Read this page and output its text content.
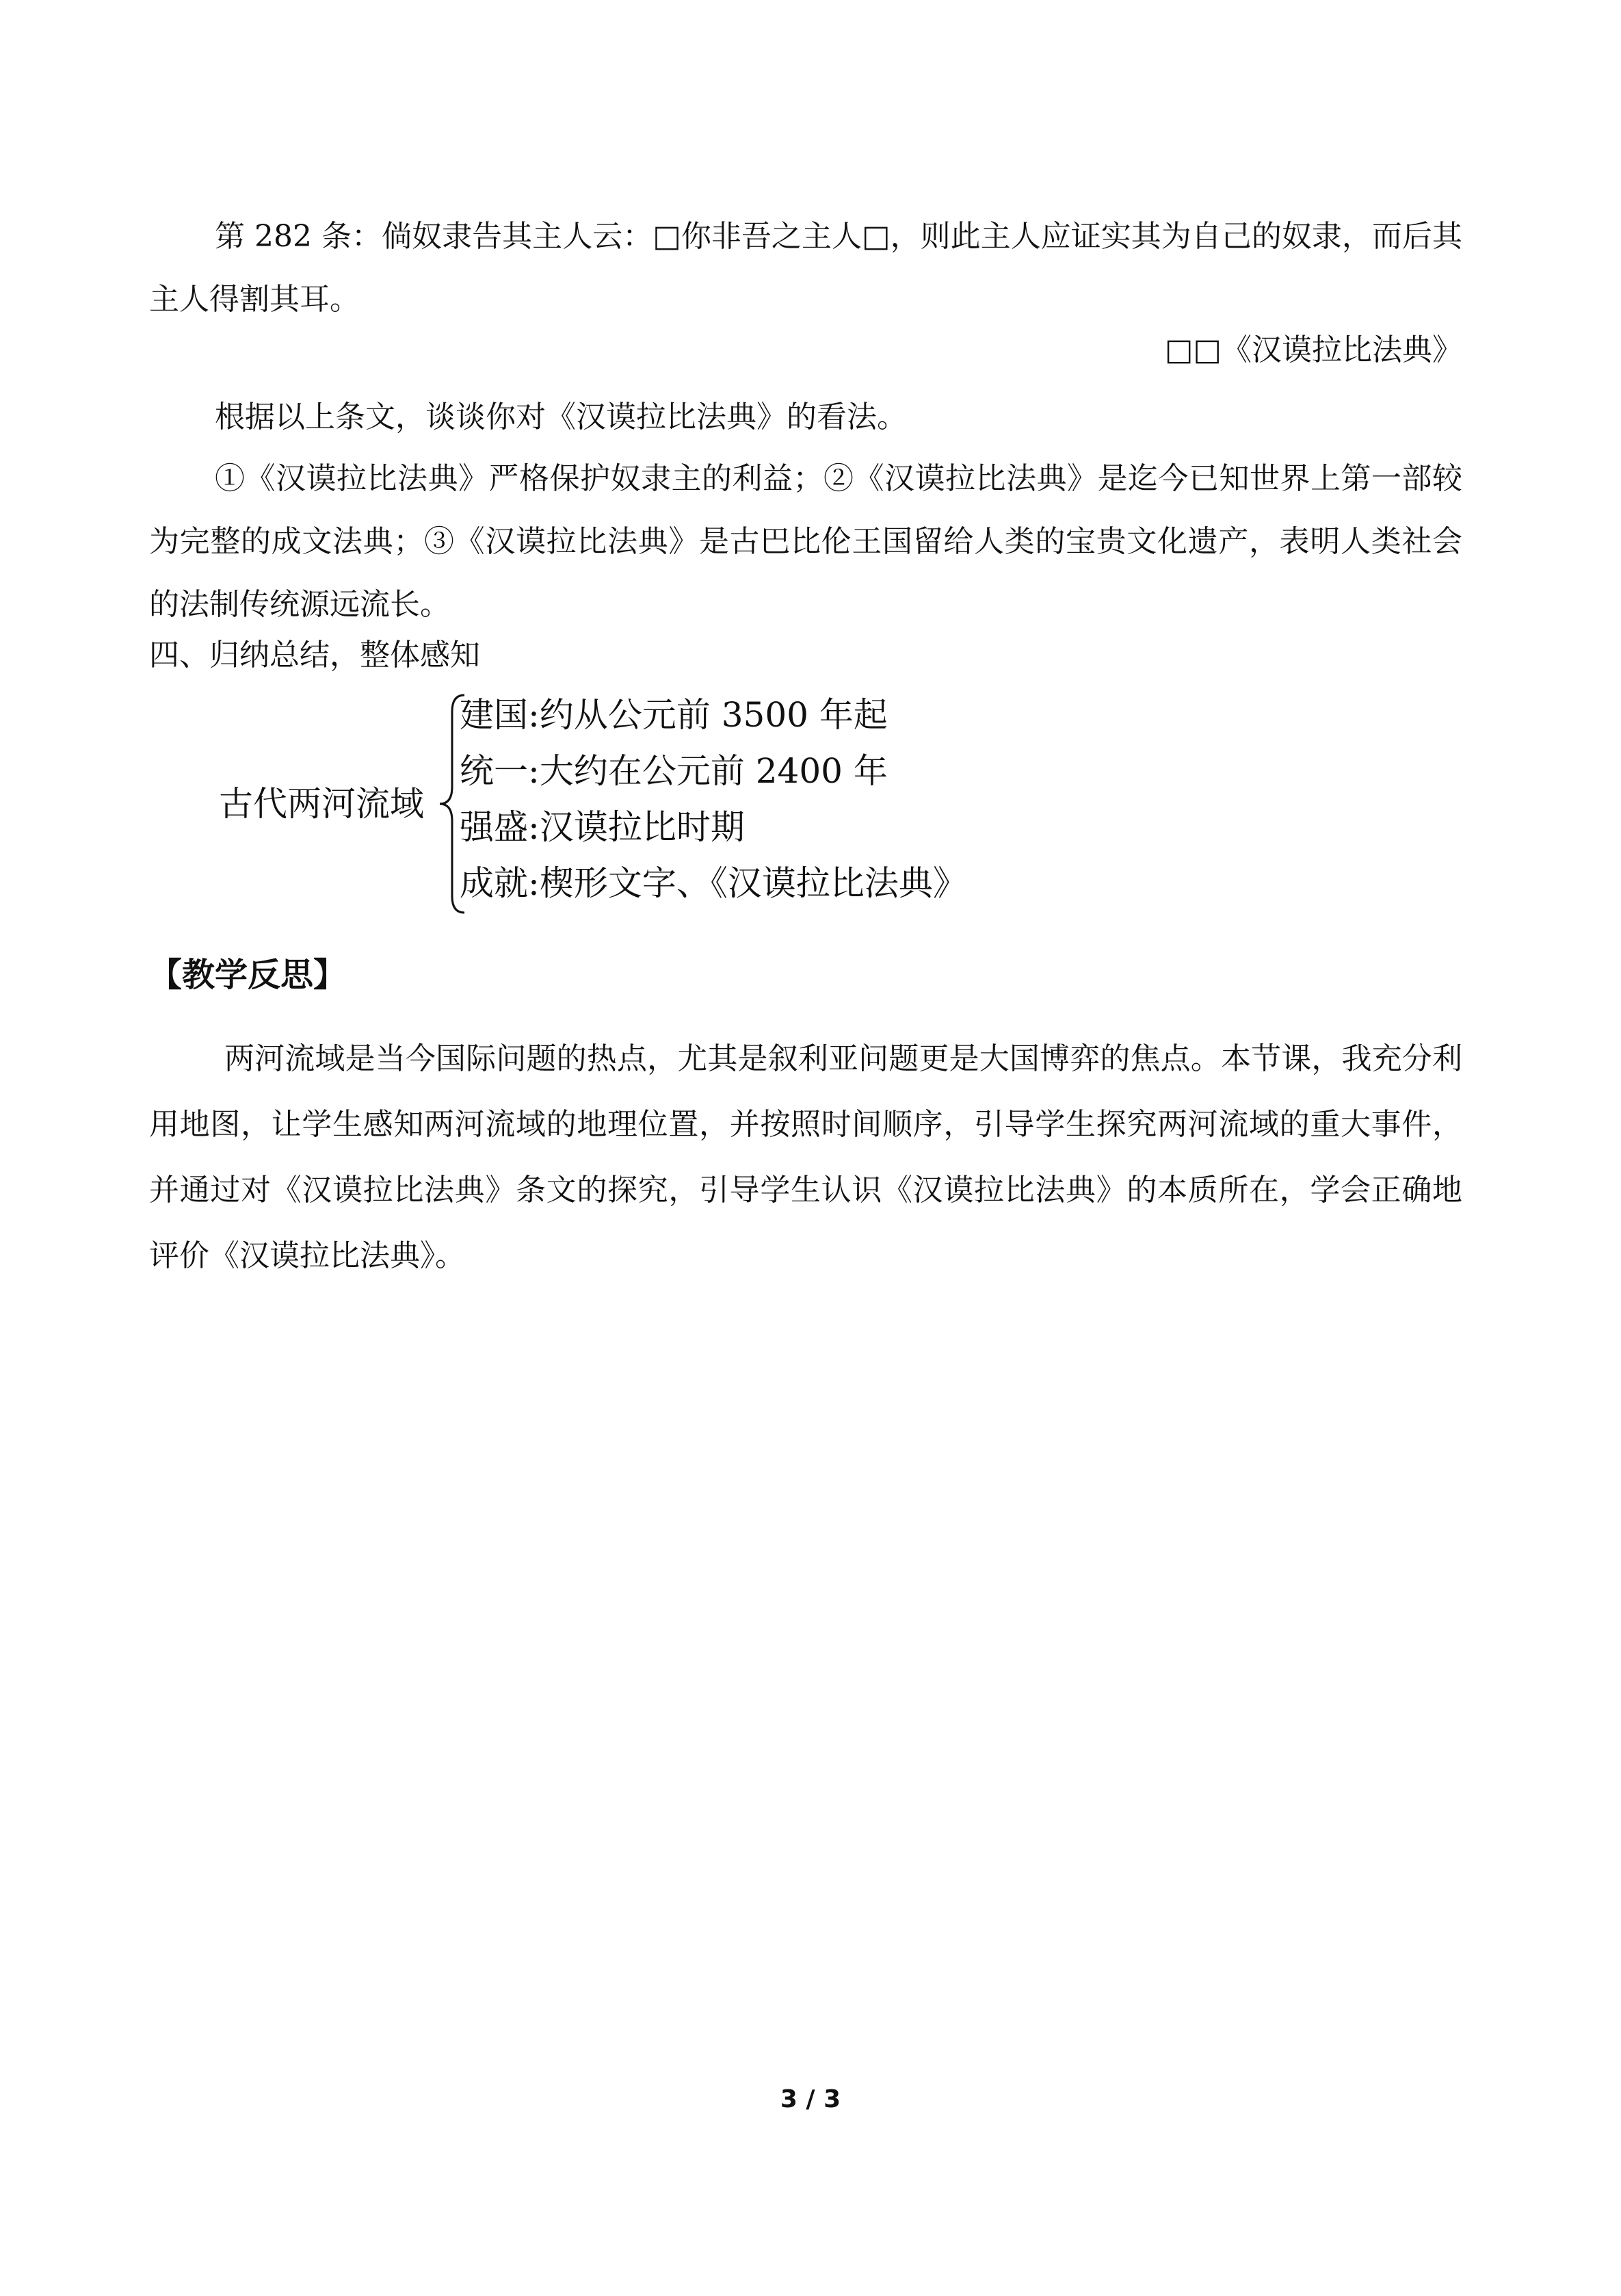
第 282 条：倘奴隶告其主人云：□你非吾之主人□，则此主人应证实其为自己的奴隶，而后其主人得割其耳。

□□《汉谟拉比法典》

根据以上条文，谈谈你对《汉谟拉比法典》的看法。

①《汉谟拉比法典》严格保护奴隶主的利益；②《汉谟拉比法典》是迄今已知世界上第一部较为完整的成文法典；③《汉谟拉比法典》是古巴比伦王国留给人类的宝贵文化遗产，表明人类社会的法制传统源远流长。

四、归纳总结，整体感知
古代两河流域
建国:约从公元前 3500 年起
统一:大约在公元前 2400 年
强盛:汉谟拉比时期
成就:楔形文字、《汉谟拉比法典》
【教学反思】

两河流域是当今国际问题的热点，尤其是叙利亚问题更是大国博弈的焦点。本节课，我充分利用地图，让学生感知两河流域的地理位置，并按照时间顺序，引导学生探究两河流域的重大事件，并通过对《汉谟拉比法典》条文的探究，引导学生认识《汉谟拉比法典》的本质所在，学会正确地评价《汉谟拉比法典》。

3 / 3
